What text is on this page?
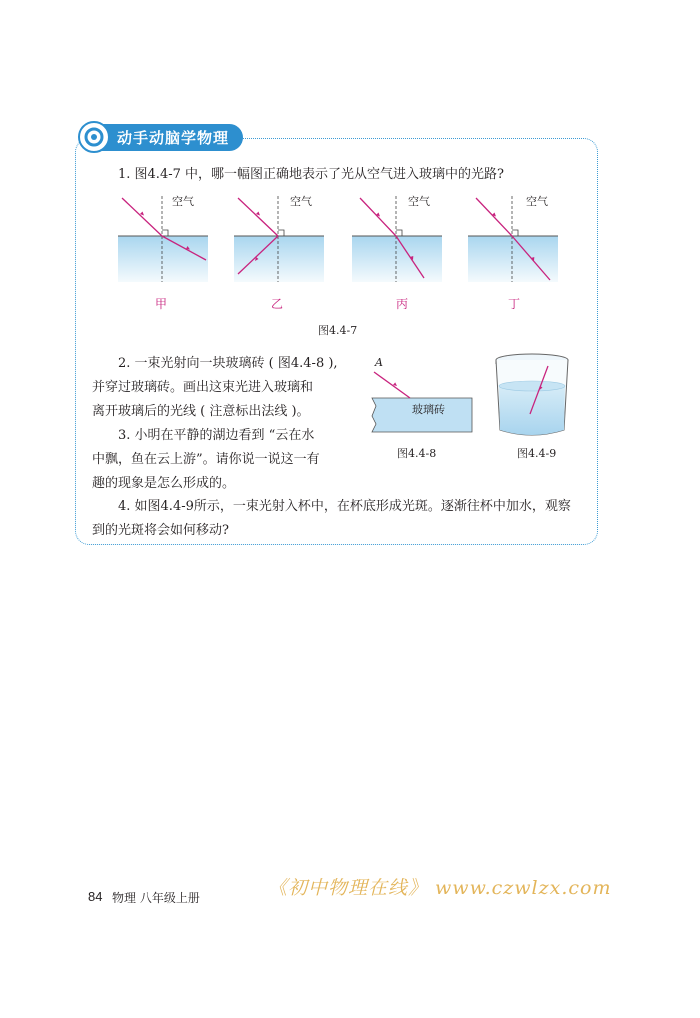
动手动脑学物理
1. 图4.4-7 中，哪一幅图正确地表示了光从空气进入玻璃中的光路?
空气	空气	空气	空气
甲	乙	丙	丁
图4.4-7
2. 一束光射向一块玻璃砖 ( 图4.4-8 ),
并穿过玻璃砖。画出这束光进入玻璃和
离开玻璃后的光线 ( 注意标出法线 )。
3. 小明在平静的湖边看到 “云在水
中飘，鱼在云上游”。请你说一说这一有
趣的现象是怎么形成的。
A
玻璃砖
图4.4-8	图4.4-9
4. 如图4.4-9所示，一束光射入杯中，在杯底形成光斑。逐渐往杯中加水，观察
到的光斑将会如何移动?
84 物理 八年级上册	《初中物理在线》 www.czwlzx.com
